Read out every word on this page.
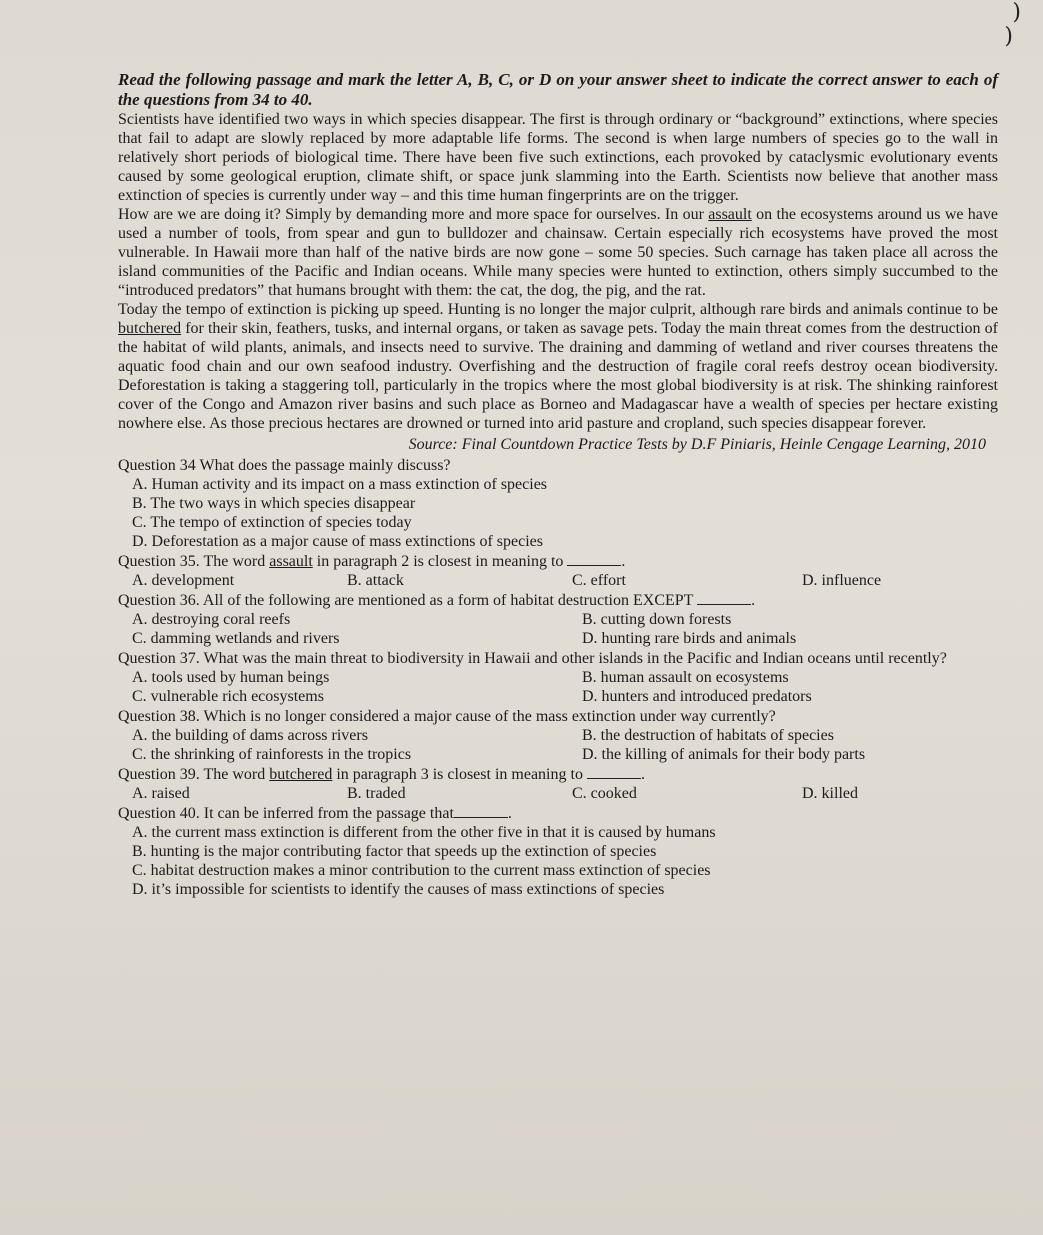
)
)

Read the following passage and mark the letter A, B, C, or D on your answer sheet to indicate the correct answer to each of the questions from 34 to 40.

Scientists have identified two ways in which species disappear. The first is through ordinary or “background” extinctions, where species that fail to adapt are slowly replaced by more adaptable life forms. The second is when large numbers of species go to the wall in relatively short periods of biological time. There have been five such extinctions, each provoked by cataclysmic evolutionary events caused by some geological eruption, climate shift, or space junk slamming into the Earth. Scientists now believe that another mass extinction of species is currently under way – and this time human fingerprints are on the trigger.

How are we are doing it? Simply by demanding more and more space for ourselves. In our assault on the ecosystems around us we have used a number of tools, from spear and gun to bulldozer and chainsaw. Certain especially rich ecosystems have proved the most vulnerable. In Hawaii more than half of the native birds are now gone – some 50 species. Such carnage has taken place all across the island communities of the Pacific and Indian oceans. While many species were hunted to extinction, others simply succumbed to the “introduced predators” that humans brought with them: the cat, the dog, the pig, and the rat.

Today the tempo of extinction is picking up speed. Hunting is no longer the major culprit, although rare birds and animals continue to be butchered for their skin, feathers, tusks, and internal organs, or taken as savage pets. Today the main threat comes from the destruction of the habitat of wild plants, animals, and insects need to survive. The draining and damming of wetland and river courses threatens the aquatic food chain and our own seafood industry. Overfishing and the destruction of fragile coral reefs destroy ocean biodiversity. Deforestation is taking a staggering toll, particularly in the tropics where the most global biodiversity is at risk. The shinking rainforest cover of the Congo and Amazon river basins and such place as Borneo and Madagascar have a wealth of species per hectare existing nowhere else. As those precious hectares are drowned or turned into arid pasture and cropland, such species disappear forever.

Source: Final Countdown Practice Tests by D.F Piniaris, Heinle Cengage Learning, 2010
Question 34 What does the passage mainly discuss?
A. Human activity and its impact on a mass extinction of species
B. The two ways in which species disappear
C. The tempo of extinction of species today
D. Deforestation as a major cause of mass extinctions of species
Question 35. The word assault in paragraph 2 is closest in meaning to	.
A. development	B. attack	C. effort	D. influence
Question 36. All of the following are mentioned as a form of habitat destruction EXCEPT	.
A. destroying coral reefs	B. cutting down forests
C. damming wetlands and rivers	D. hunting rare birds and animals
Question 37. What was the main threat to biodiversity in Hawaii and other islands in the Pacific and Indian oceans until recently?
A. tools used by human beings	B. human assault on ecosystems
C. vulnerable rich ecosystems	D. hunters and introduced predators
Question 38. Which is no longer considered a major cause of the mass extinction under way currently?
A. the building of dams across rivers	B. the destruction of habitats of species
C. the shrinking of rainforests in the tropics	D. the killing of animals for their body parts
Question 39. The word butchered in paragraph 3 is closest in meaning to	.
A. raised	B. traded	C. cooked	D. killed
Question 40. It can be inferred from the passage that	.
A. the current mass extinction is different from the other five in that it is caused by humans
B. hunting is the major contributing factor that speeds up the extinction of species
C. habitat destruction makes a minor contribution to the current mass extinction of species
D. it’s impossible for scientists to identify the causes of mass extinctions of species
